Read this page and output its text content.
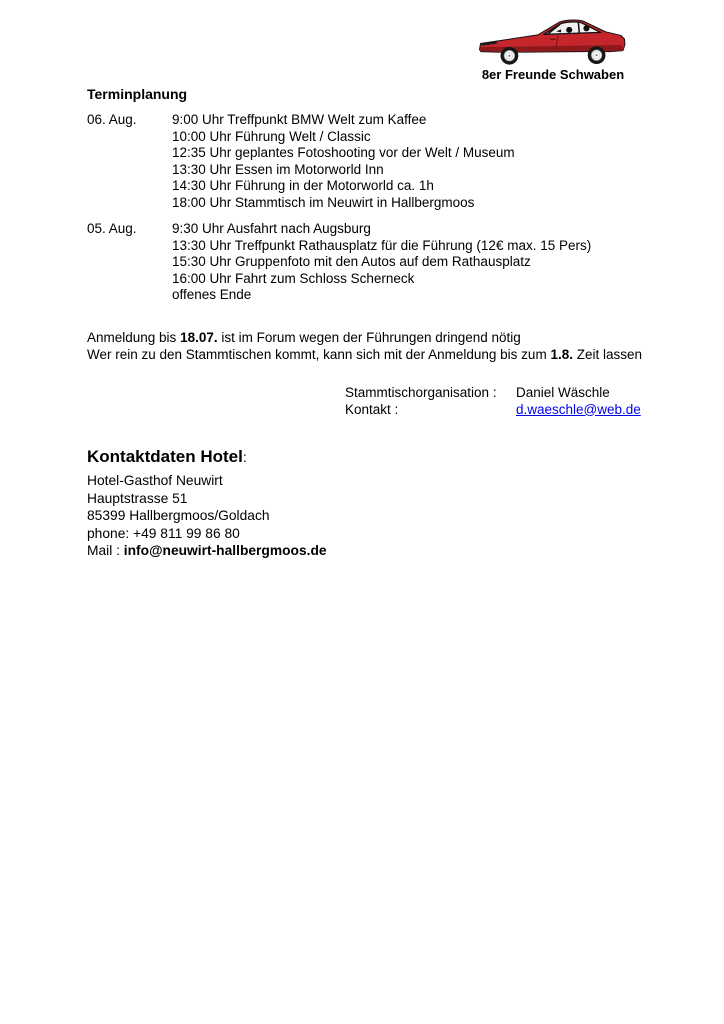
8er Freunde Schwaben
Terminplanung
06. Aug.	9:00 Uhr Treffpunkt BMW Welt zum Kaffee
10:00 Uhr Führung Welt / Classic
12:35 Uhr geplantes Fotoshooting vor der Welt / Museum
13:30 Uhr Essen im Motorworld Inn
14:30 Uhr Führung in der Motorworld ca. 1h
18:00 Uhr Stammtisch im Neuwirt in Hallbergmoos
05. Aug.	9:30 Uhr Ausfahrt nach Augsburg
13:30 Uhr Treffpunkt Rathausplatz für die Führung (12€ max. 15 Pers)
15:30 Uhr Gruppenfoto mit den Autos auf dem Rathausplatz
16:00 Uhr Fahrt zum Schloss Scherneck
offenes Ende
Anmeldung bis 18.07. ist im Forum wegen der Führungen dringend nötig
Wer rein zu den Stammtischen kommt, kann sich mit der Anmeldung bis zum 1.8. Zeit lassen
Stammtischorganisation :	Daniel Wäschle
Kontakt :	d.waeschle@web.de
Kontaktdaten Hotel:
Hotel-Gasthof Neuwirt
Hauptstrasse 51
85399 Hallbergmoos/Goldach
phone: +49 811 99 86 80
Mail : info@neuwirt-hallbergmoos.de
